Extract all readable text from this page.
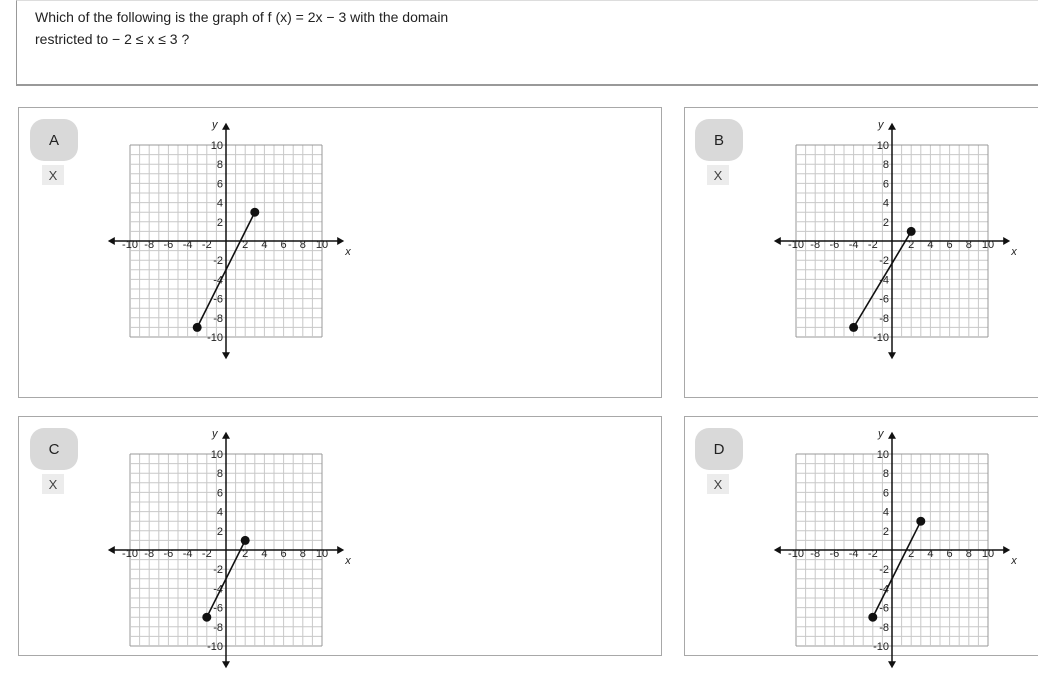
Which of the following is the graph of f (x) = 2x − 3 with the domain
restricted to − 2 ≤ x ≤ 3 ?
A
X
x
y
-10 -8 -6 -4 -2	2 4 6 8 10
10
8
6
4
2
-2
-4
-6
-8
-10
B
X
x
y
-10 -8 -6 -4 -2	2 4 6 8 10
10
8
6
4
2
-2
-4
-6
-8
-10
C
X
x
y
-10 -8 -6 -4 -2	2 4 6 8 10
10
8
6
4
2
-2
-4
-6
-8
-10
D
X
x
y
-10 -8 -6 -4 -2	2 4 6 8 10
10
8
6
4
2
-2
-4
-6
-8
-10
